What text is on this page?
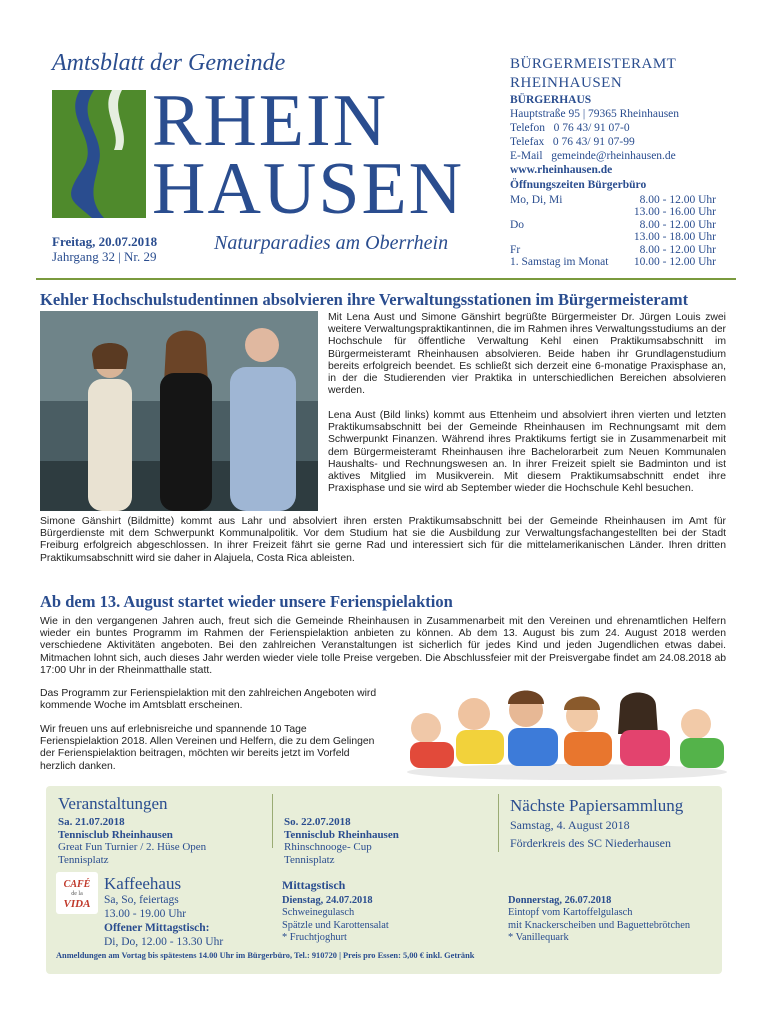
Amtsblatt der Gemeinde
RHEIN
HAUSEN
Freitag, 20.07.2018
Jahrgang 32 | Nr. 29
Naturparadies am Oberrhein
BÜRGERMEISTERAMT
RHEINHAUSEN
BÜRGERHAUS
Hauptstraße 95 | 79365 Rheinhausen
Telefon   0 76 43/ 91 07-0
Telefax   0 76 43/ 91 07-99
E-Mail   gemeinde@rheinhausen.de
www.rheinhausen.de
Öffnungszeiten Bürgerbüro
Mo, Di, Mi	8.00 - 12.00 Uhr
13.00 - 16.00 Uhr
Do	8.00 - 12.00 Uhr
13.00 - 18.00 Uhr
Fr	8.00 - 12.00 Uhr
1. Samstag im Monat 10.00 - 12.00 Uhr
Kehler Hochschulstudentinnen absolvieren ihre Verwaltungsstationen im Bürgermeisteramt
Mit Lena Aust und Simone Gänshirt begrüßte Bürgermeister Dr. Jürgen Louis zwei weitere Verwaltungspraktikantinnen, die im Rahmen ihres Verwaltungsstudiums an der Hochschule für öffentliche Verwaltung Kehl einen Praktikumsabschnitt im Bürgermeisteramt Rheinhausen absolvieren. Beide haben ihr Grundlagenstudium bereits erfolgreich beendet. Es schließt sich derzeit eine 6-monatige Praxisphase an, in der die Studierenden vier Praktika in unterschiedlichen Bereichen absolvieren werden.
Lena Aust (Bild links) kommt aus Ettenheim und absolviert ihren vierten und letzten Praktikumsabschnitt bei der Gemeinde Rheinhausen im Rechnungsamt mit dem Schwerpunkt Finanzen. Während ihres Praktikums fertigt sie in Zusammenarbeit mit dem Bürgermeisteramt Rheinhausen ihre Bachelorarbeit zum Neuen Kommunalen Haushalts- und Rechnungswesen an. In ihrer Freizeit spielt sie Badminton und ist aktives Mitglied im Musikverein. Mit diesem Praktikumsabschnitt endet ihre Praxisphase und sie wird ab September wieder die Hochschule Kehl besuchen.
Simone Gänshirt (Bildmitte) kommt aus Lahr und absolviert ihren ersten Praktikumsabschnitt bei der Gemeinde Rheinhausen im Amt für Bürgerdienste mit dem Schwerpunkt Kommunalpolitik. Vor dem Studium hat sie die Ausbildung zur Verwaltungsfachangestellten bei der Stadt Freiburg erfolgreich abgeschlossen. In ihrer Freizeit fährt sie gerne Rad und interessiert sich für die mittelamerikanischen Länder. Ihren dritten Praktikumsabschnitt wird sie daher in Alajuela, Costa Rica ableisten.
Ab dem 13. August startet wieder unsere Ferienspielaktion
Wie in den vergangenen Jahren auch, freut sich die Gemeinde Rheinhausen in Zusammenarbeit mit den Vereinen und ehrenamtlichen Helfern wieder ein buntes Programm im Rahmen der Ferienspielaktion anbieten zu können. Ab dem 13. August bis zum 24. August 2018 werden verschiedene Aktivitäten angeboten. Bei den zahlreichen Veranstaltungen ist sicherlich für jedes Kind und jeden Jugendlichen etwas dabei. Mitmachen lohnt sich, auch dieses Jahr werden wieder viele tolle Preise vergeben. Die Abschlussfeier mit der Preisvergabe findet am 24.08.2018 ab 17:00 Uhr in der Rheinmatthalle statt.
Das Programm zur Ferienspielaktion mit den zahlreichen Angeboten wird kommende Woche im Amtsblatt erscheinen.
Wir freuen uns auf erlebnisreiche und spannende 10 Tage Ferienspielaktion 2018. Allen Vereinen und Helfern, die zu dem Gelingen der Ferienspielaktion beitragen, möchten wir bereits jetzt im Vorfeld herzlich danken.
Veranstaltungen
Sa. 21.07.2018
Tennisclub Rheinhausen
Great Fun Turnier / 2. Hüse Open
Tennisplatz
So. 22.07.2018
Tennisclub Rheinhausen
Rhinschnooge- Cup
Tennisplatz
Nächste Papiersammlung
Samstag, 4. August 2018
Förderkreis des SC Niederhausen
CAFÉ
de la
VIDA
Kaffeehaus
Sa, So, feiertags
13.00 - 19.00 Uhr
Offener Mittagstisch:
Di, Do, 12.00 - 13.30 Uhr
Mittagstisch
Dienstag, 24.07.2018
Schweinegulasch
Spätzle und Karottensalat
* Fruchtjoghurt
Donnerstag, 26.07.2018
Eintopf vom Kartoffelgulasch
mit Knackerscheiben und Baguettebrötchen
* Vanillequark
Anmeldungen am Vortag bis spätestens 14.00 Uhr im Bürgerbüro, Tel.: 910720 | Preis pro Essen: 5,00 € inkl. Getränk
